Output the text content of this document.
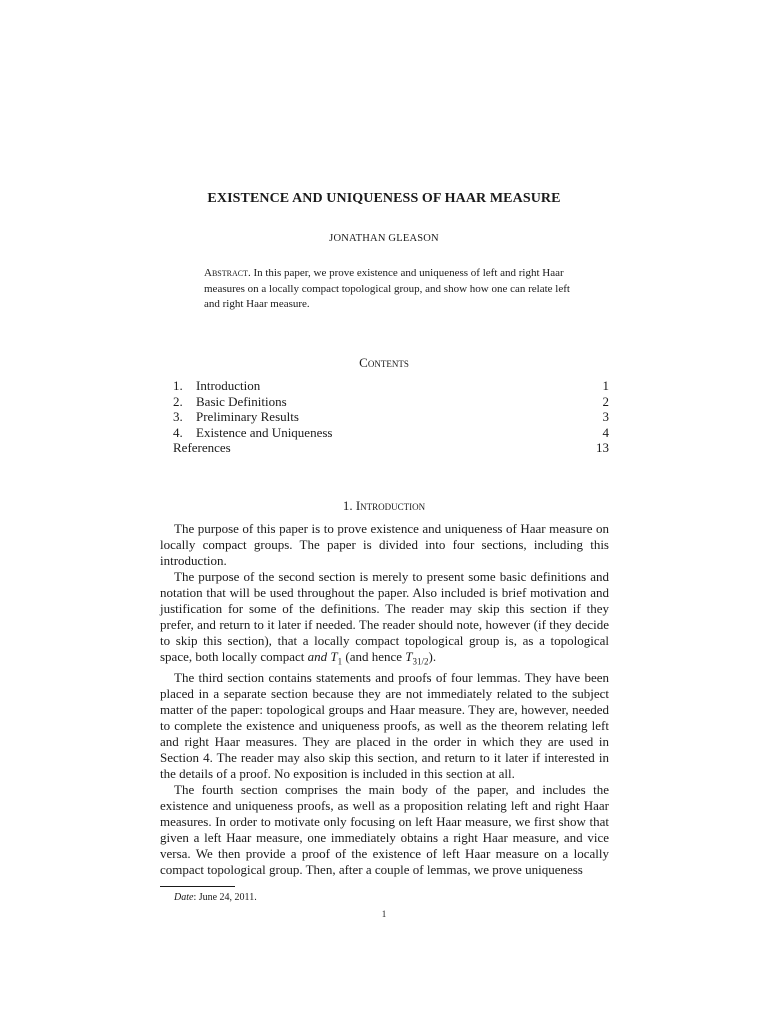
EXISTENCE AND UNIQUENESS OF HAAR MEASURE
JONATHAN GLEASON
Abstract. In this paper, we prove existence and uniqueness of left and right Haar measures on a locally compact topological group, and show how one can relate left and right Haar measure.
Contents
1. Introduction	1
2. Basic Definitions	2
3. Preliminary Results	3
4. Existence and Uniqueness	4
References	13
1. Introduction

The purpose of this paper is to prove existence and uniqueness of Haar measure on locally compact groups. The paper is divided into four sections, including this introduction.

The purpose of the second section is merely to present some basic definitions and notation that will be used throughout the paper. Also included is brief motivation and justification for some of the definitions. The reader may skip this section if they prefer, and return to it later if needed. The reader should note, however (if they decide to skip this section), that a locally compact topological group is, as a topological space, both locally compact and $T_1$ (and hence $T_{31/2}$).

The third section contains statements and proofs of four lemmas. They have been placed in a separate section because they are not immediately related to the subject matter of the paper: topological groups and Haar measure. They are, however, needed to complete the existence and uniqueness proofs, as well as the theorem relating left and right Haar measures. They are placed in the order in which they are used in Section 4. The reader may also skip this section, and return to it later if interested in the details of a proof. No exposition is included in this section at all.

The fourth section comprises the main body of the paper, and includes the existence and uniqueness proofs, as well as a proposition relating left and right Haar measures. In order to motivate only focusing on left Haar measure, we first show that given a left Haar measure, one immediately obtains a right Haar measure, and vice versa. We then provide a proof of the existence of left Haar measure on a locally compact topological group. Then, after a couple of lemmas, we prove uniqueness

Date: June 24, 2011.
1
